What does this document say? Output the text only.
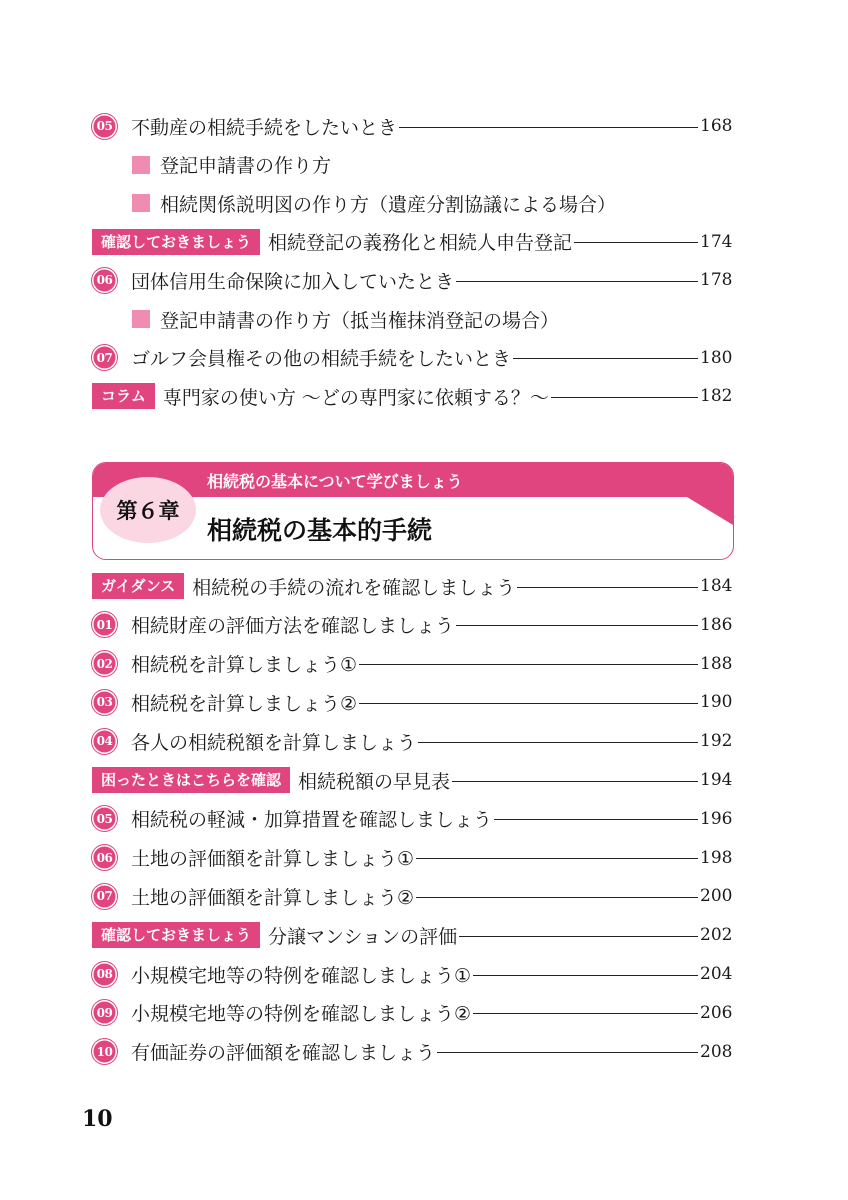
05 不動産の相続手続をしたいとき	168
登記申請書の作り方
相続関係説明図の作り方（遺産分割協議による場合）
確認しておきましょう 相続登記の義務化と相続人申告登記	174
06 団体信用生命保険に加入していたとき	178
登記申請書の作り方（抵当権抹消登記の場合）
07 ゴルフ会員権その他の相続手続をしたいとき	180
コラム 専門家の使い方 ～どの専門家に依頼する？～	182
相続税の基本について学びましょう
相続税の基本的手続
第６章
ガイダンス 相続税の手続の流れを確認しましょう	184
01 相続財産の評価方法を確認しましょう	186
02 相続税を計算しましょう①	188
03 相続税を計算しましょう②	190
04 各人の相続税額を計算しましょう	192
困ったときはこちらを確認 相続税額の早見表	194
05 相続税の軽減・加算措置を確認しましょう	196
06 土地の評価額を計算しましょう①	198
07 土地の評価額を計算しましょう②	200
確認しておきましょう 分譲マンションの評価	202
08 小規模宅地等の特例を確認しましょう①	204
09 小規模宅地等の特例を確認しましょう②	206
10 有価証券の評価額を確認しましょう	208
10
